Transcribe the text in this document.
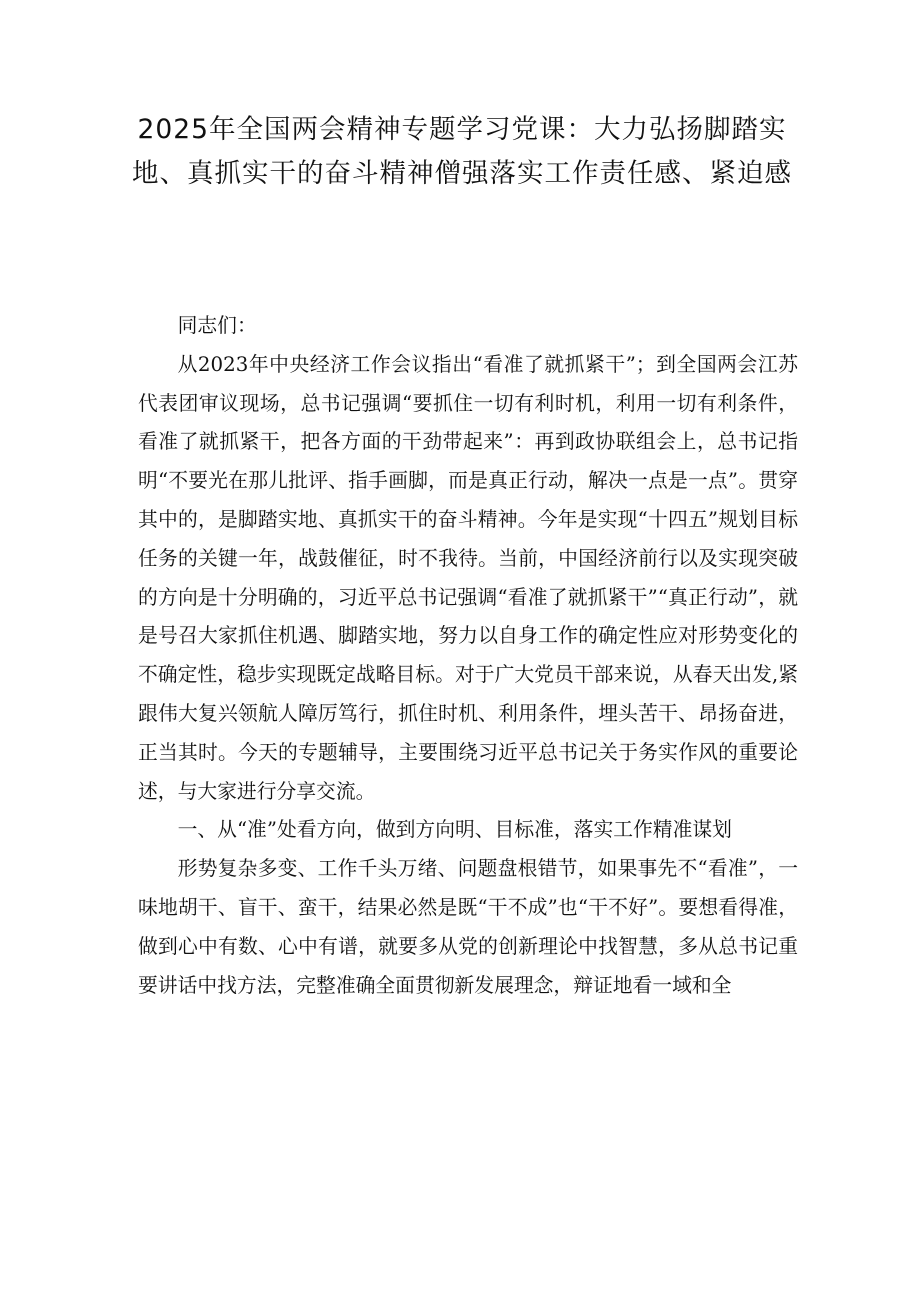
2025年全国两会精神专题学习党课：大力弘扬脚踏实地、真抓实干的奋斗精神僧强落实工作责任感、紧迫感

同志们：

从2023年中央经济工作会议指出“看准了就抓紧干”；到全国两会江苏代表团审议现场，总书记强调“要抓住一切有利时机，利用一切有利条件，看准了就抓紧干，把各方面的干劲带起来”：再到政协联组会上，总书记指明“不要光在那儿批评、指手画脚，而是真正行动，解决一点是一点”。贯穿其中的，是脚踏实地、真抓实干的奋斗精神。今年是实现“十四五”规划目标任务的关键一年，战鼓催征，时不我待。当前，中国经济前行以及实现突破的方向是十分明确的，习近平总书记强调“看准了就抓紧干”“真正行动”，就是号召大家抓住机遇、脚踏实地，努力以自身工作的确定性应对形势变化的不确定性，稳步实现既定战略目标。对于广大党员干部来说，从春天出发,紧跟伟大复兴领航人障厉笃行，抓住时机、利用条件，埋头苦干、昂扬奋进，正当其时。今天的专题辅导，主要围绕习近平总书记关于务实作风的重要论述，与大家进行分享交流。

一、从“准”处看方向，做到方向明、目标准，落实工作精准谋划

形势复杂多变、工作千头万绪、问题盘根错节，如果事先不“看准”，一味地胡干、盲干、蛮干，结果必然是既“干不成”也“干不好”。要想看得准，做到心中有数、心中有谱，就要多从党的创新理论中找智慧，多从总书记重要讲话中找方法，完整准确全面贯彻新发展理念，辩证地看一域和全
